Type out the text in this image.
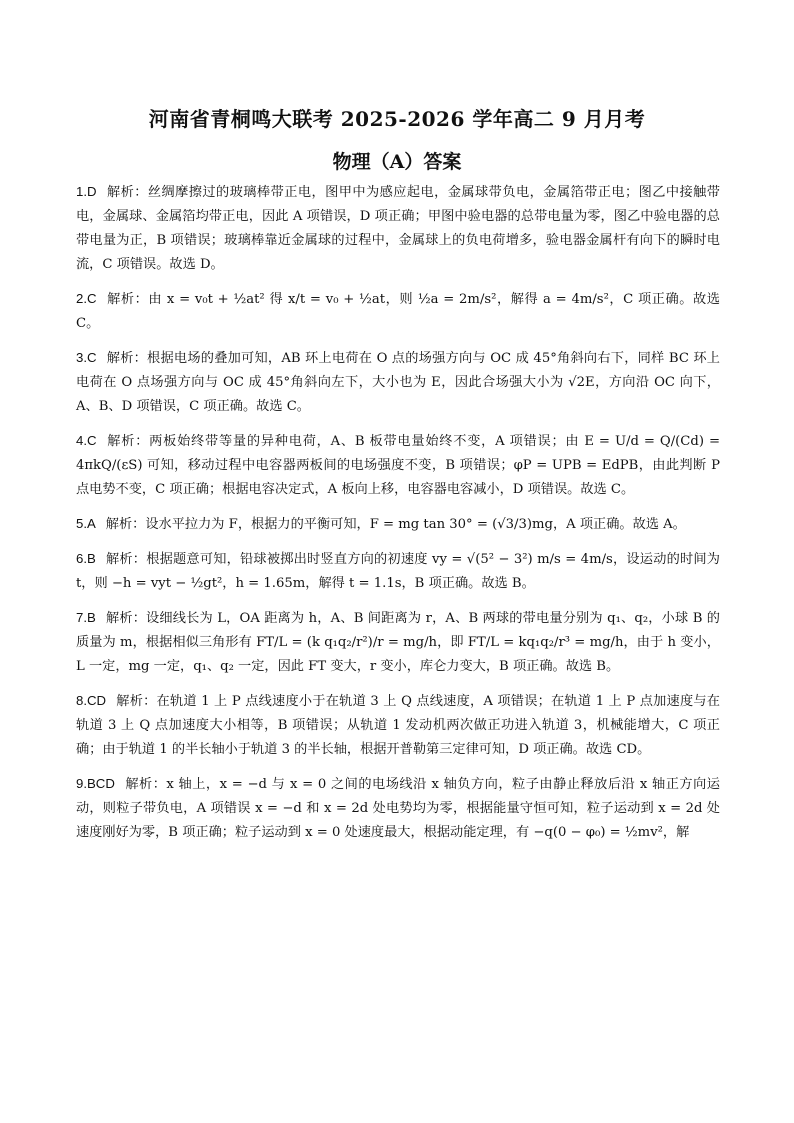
河南省青桐鸣大联考 2025-2026 学年高二 9 月月考
物理（A）答案

1.D 解析：丝绸摩擦过的玻璃棒带正电，图甲中为感应起电，金属球带负电，金属箔带正电；图乙中接触带电，金属球、金属箔均带正电，因此 A 项错误，D 项正确；甲图中验电器的总带电量为零，图乙中验电器的总带电量为正，B 项错误；玻璃棒靠近金属球的过程中，金属球上的负电荷增多，验电器金属杆有向下的瞬时电流，C 项错误。故选 D。

2.C 解析：由 x = v₀t + ½at² 得 x/t = v₀ + ½at，则 ½a = 2m/s²，解得 a = 4m/s²，C 项正确。故选 C。

3.C 解析：根据电场的叠加可知，AB 环上电荷在 O 点的场强方向与 OC 成 45°角斜向右下，同样 BC 环上电荷在 O 点场强方向与 OC 成 45°角斜向左下，大小也为 E，因此合场强大小为 √2E，方向沿 OC 向下，A、B、D 项错误，C 项正确。故选 C。

4.C 解析：两板始终带等量的异种电荷，A、B 板带电量始终不变，A 项错误；由 E = U/d = Q/(Cd) = 4πkQ/(εS) 可知，移动过程中电容器两板间的电场强度不变，B 项错误；φP = UPB = EdPB，由此判断 P 点电势不变，C 项正确；根据电容决定式，A 板向上移，电容器电容减小，D 项错误。故选 C。

5.A 解析：设水平拉力为 F，根据力的平衡可知，F = mg tan 30° = (√3/3)mg，A 项正确。故选 A。

6.B 解析：根据题意可知，铅球被掷出时竖直方向的初速度 vy = √(5² − 3²) m/s = 4m/s，设运动的时间为 t，则 −h = vyt − ½gt²，h = 1.65m，解得 t = 1.1s，B 项正确。故选 B。

7.B 解析：设细线长为 L，OA 距离为 h，A、B 间距离为 r，A、B 两球的带电量分别为 q₁、q₂，小球 B 的质量为 m，根据相似三角形有 FT/L = (k q₁q₂/r²)/r = mg/h，即 FT/L = kq₁q₂/r³ = mg/h，由于 h 变小，L 一定，mg 一定，q₁、q₂ 一定，因此 FT 变大，r 变小，库仑力变大，B 项正确。故选 B。

8.CD 解析：在轨道 1 上 P 点线速度小于在轨道 3 上 Q 点线速度，A 项错误；在轨道 1 上 P 点加速度与在轨道 3 上 Q 点加速度大小相等，B 项错误；从轨道 1 发动机两次做正功进入轨道 3，机械能增大，C 项正确；由于轨道 1 的半长轴小于轨道 3 的半长轴，根据开普勒第三定律可知，D 项正确。故选 CD。

9.BCD 解析：x 轴上，x = −d 与 x = 0 之间的电场线沿 x 轴负方向，粒子由静止释放后沿 x 轴正方向运动，则粒子带负电，A 项错误 x = −d 和 x = 2d 处电势均为零，根据能量守恒可知，粒子运动到 x = 2d 处速度刚好为零，B 项正确；粒子运动到 x = 0 处速度最大，根据动能定理，有 −q(0 − φ₀) = ½mv²，解
